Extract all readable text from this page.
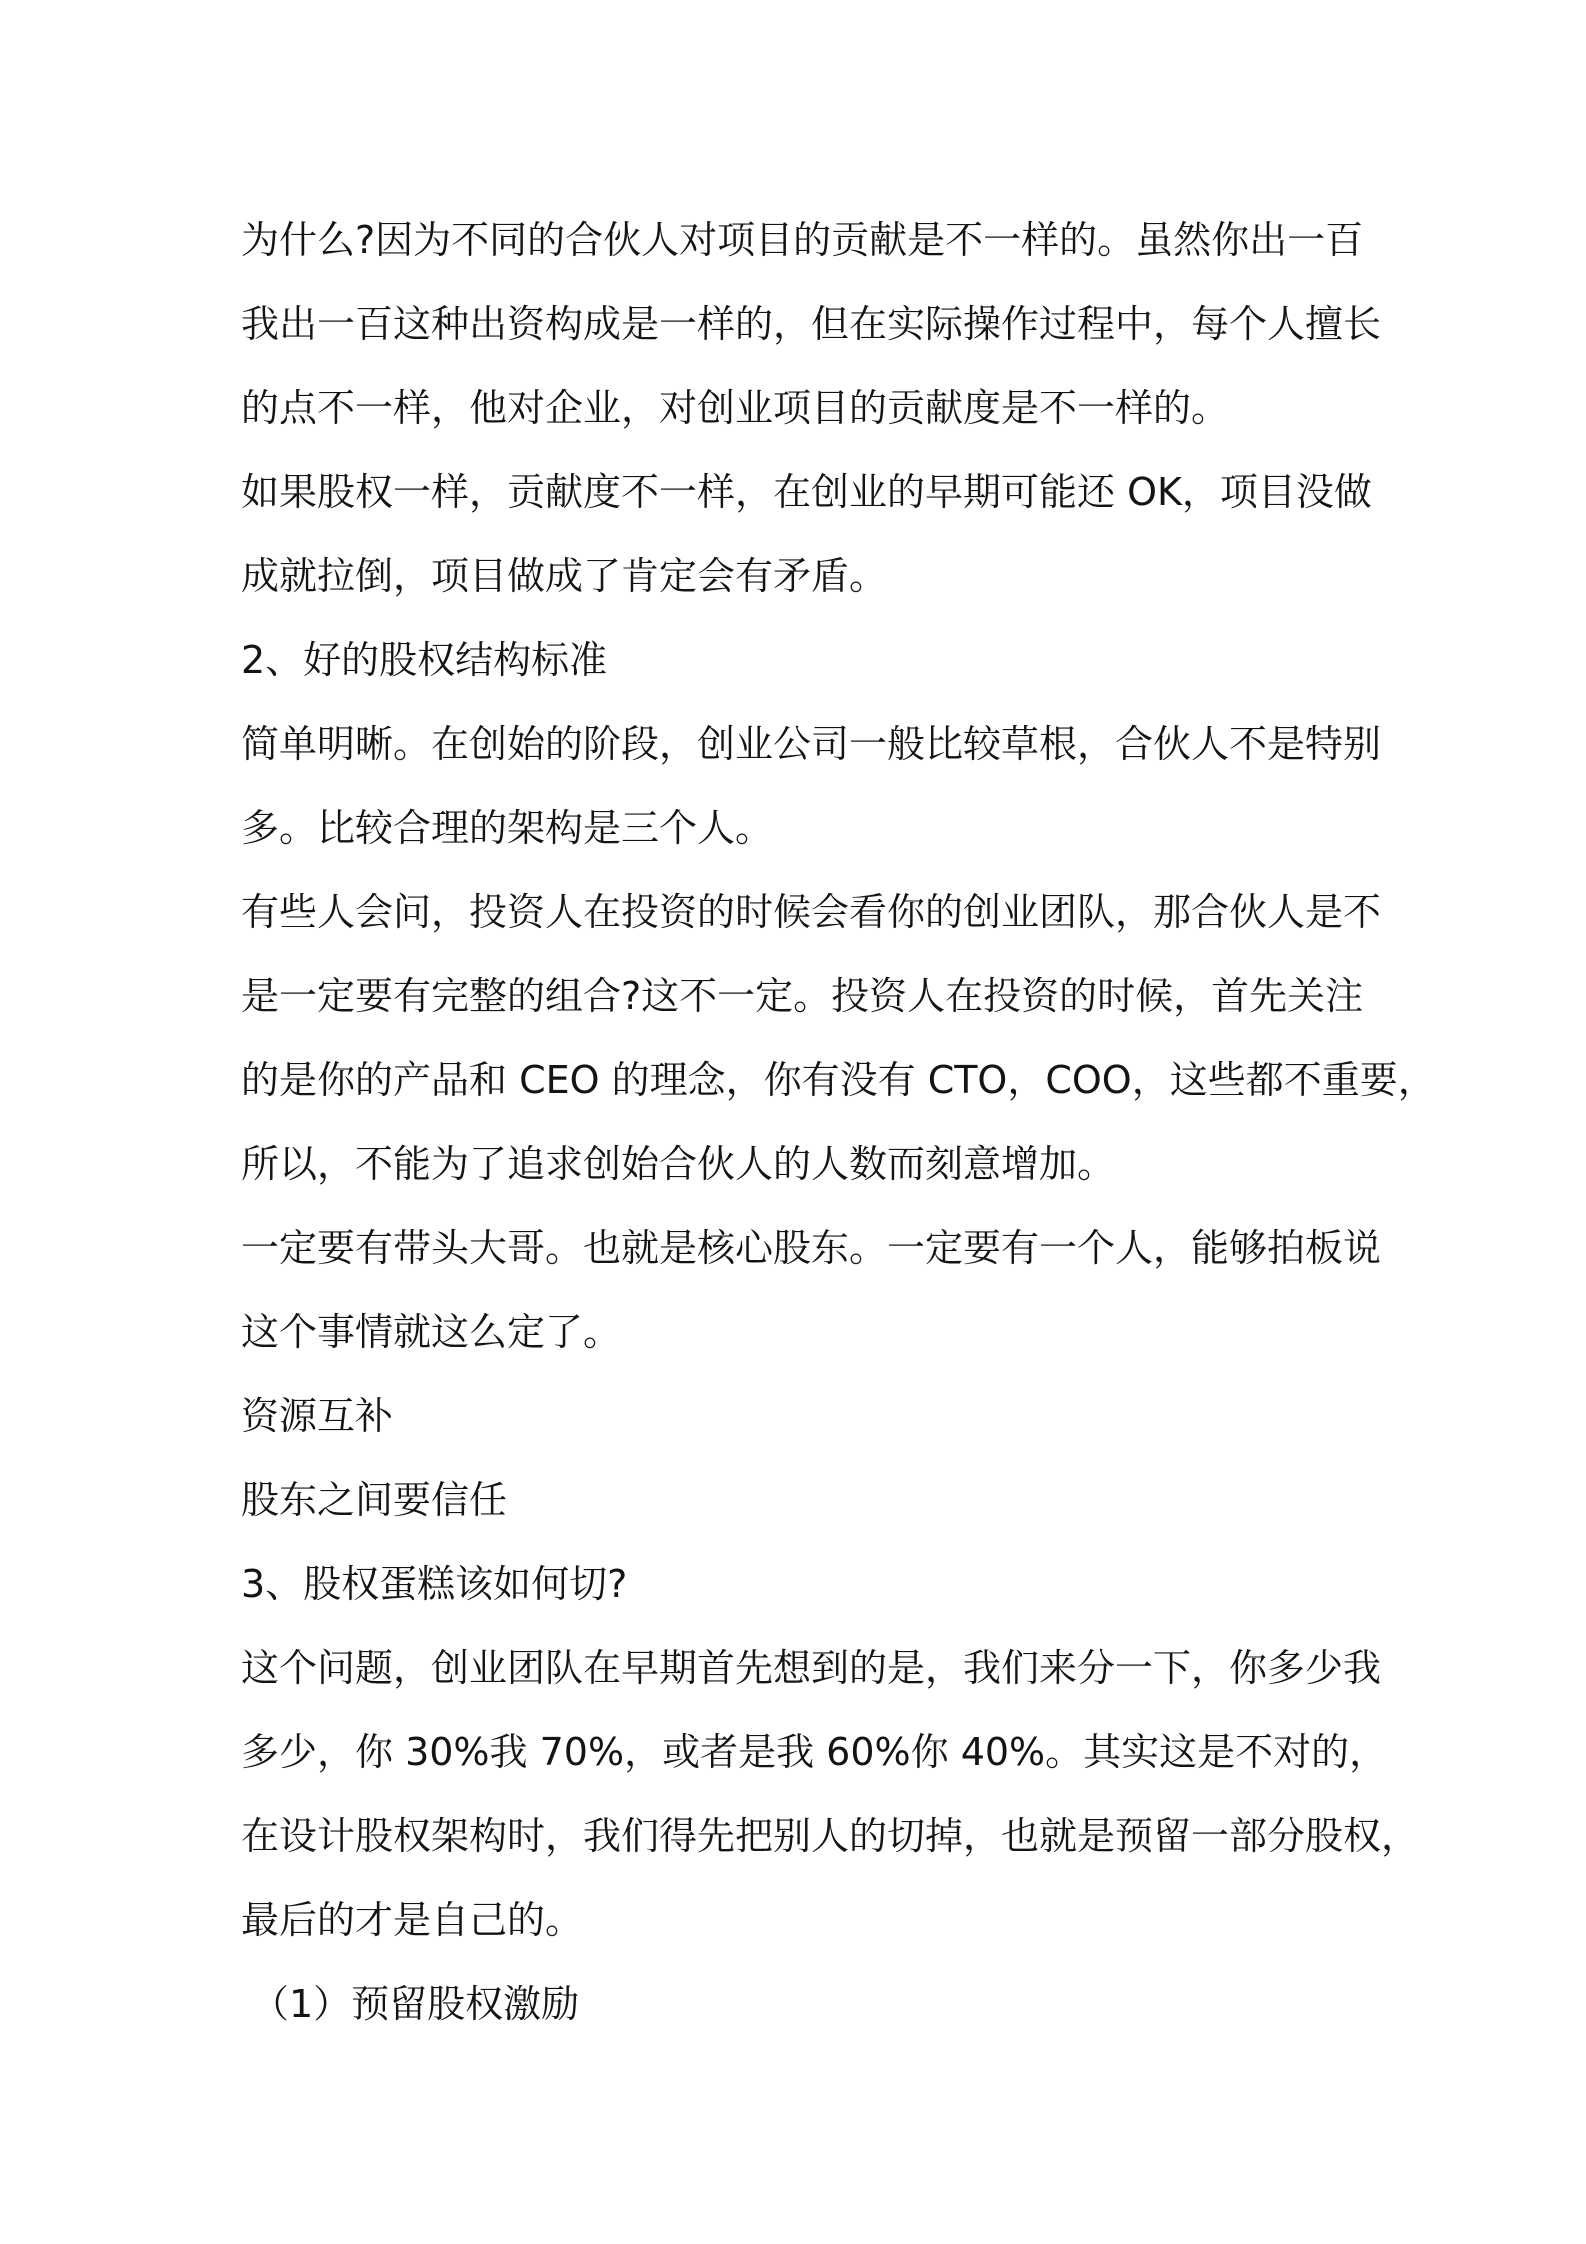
为什么?因为不同的合伙人对项目的贡献是不一样的。虽然你出一百
我出一百这种出资构成是一样的，但在实际操作过程中，每个人擅长
的点不一样，他对企业，对创业项目的贡献度是不一样的。
如果股权一样，贡献度不一样，在创业的早期可能还 OK，项目没做
成就拉倒，项目做成了肯定会有矛盾。
2、好的股权结构标准
简单明晰。在创始的阶段，创业公司一般比较草根，合伙人不是特别
多。比较合理的架构是三个人。
有些人会问，投资人在投资的时候会看你的创业团队，那合伙人是不
是一定要有完整的组合?这不一定。投资人在投资的时候，首先关注
的是你的产品和 CEO 的理念，你有没有 CTO，COO，这些都不重要，
所以，不能为了追求创始合伙人的人数而刻意增加。
一定要有带头大哥。也就是核心股东。一定要有一个人，能够拍板说
这个事情就这么定了。
资源互补
股东之间要信任
3、股权蛋糕该如何切?
这个问题，创业团队在早期首先想到的是，我们来分一下，你多少我
多少，你 30%我 70%，或者是我 60%你 40%。其实这是不对的，
在设计股权架构时，我们得先把别人的切掉，也就是预留一部分股权，
最后的才是自己的。
（1）预留股权激励
